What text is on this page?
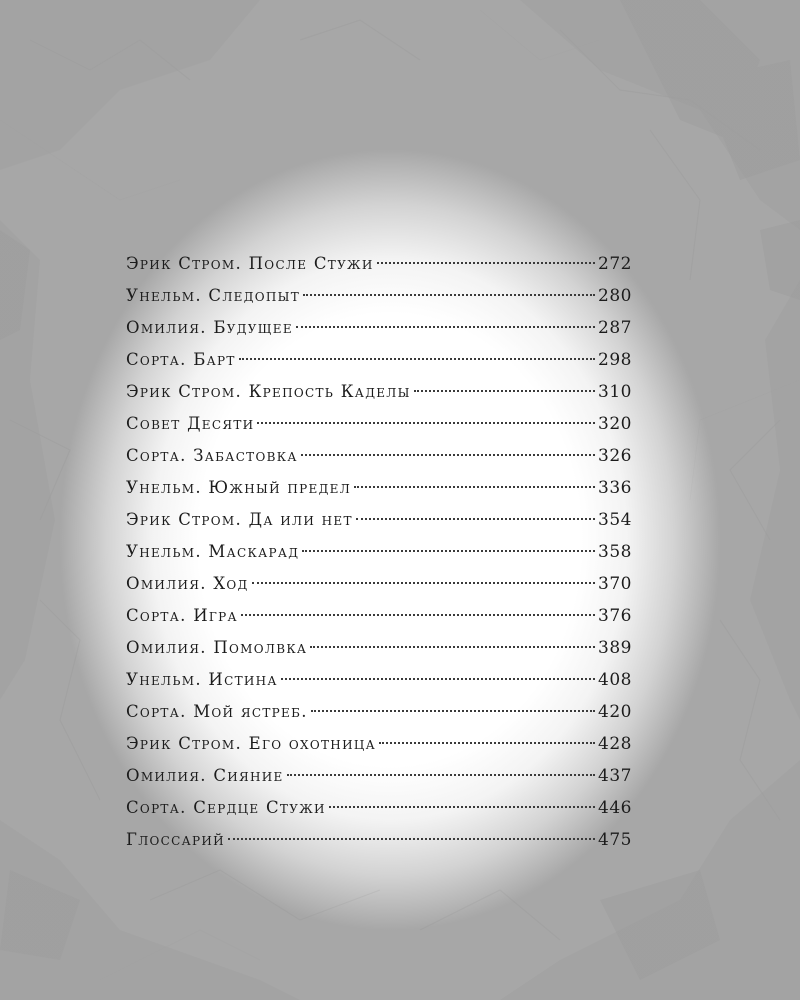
Эрик Стром. После Стужи	272
Унельм. Следопыт	280
Омилия. Будущее	287
Сорта. Барт	298
Эрик Стром. Крепость Каделы	310
Совет Десяти	320
Сорта. Забастовка	326
Унельм. Южный предел	336
Эрик Стром. Да или нет	354
Унельм. Маскарад	358
Омилия. Ход	370
Сорта. Игра	376
Омилия. Помолвка	389
Унельм. Истина	408
Сорта. Мой ястреб.	420
Эрик Стром. Его охотница	428
Омилия. Сияние	437
Сорта. Сердце Стужи	446
Глоссарий	475
